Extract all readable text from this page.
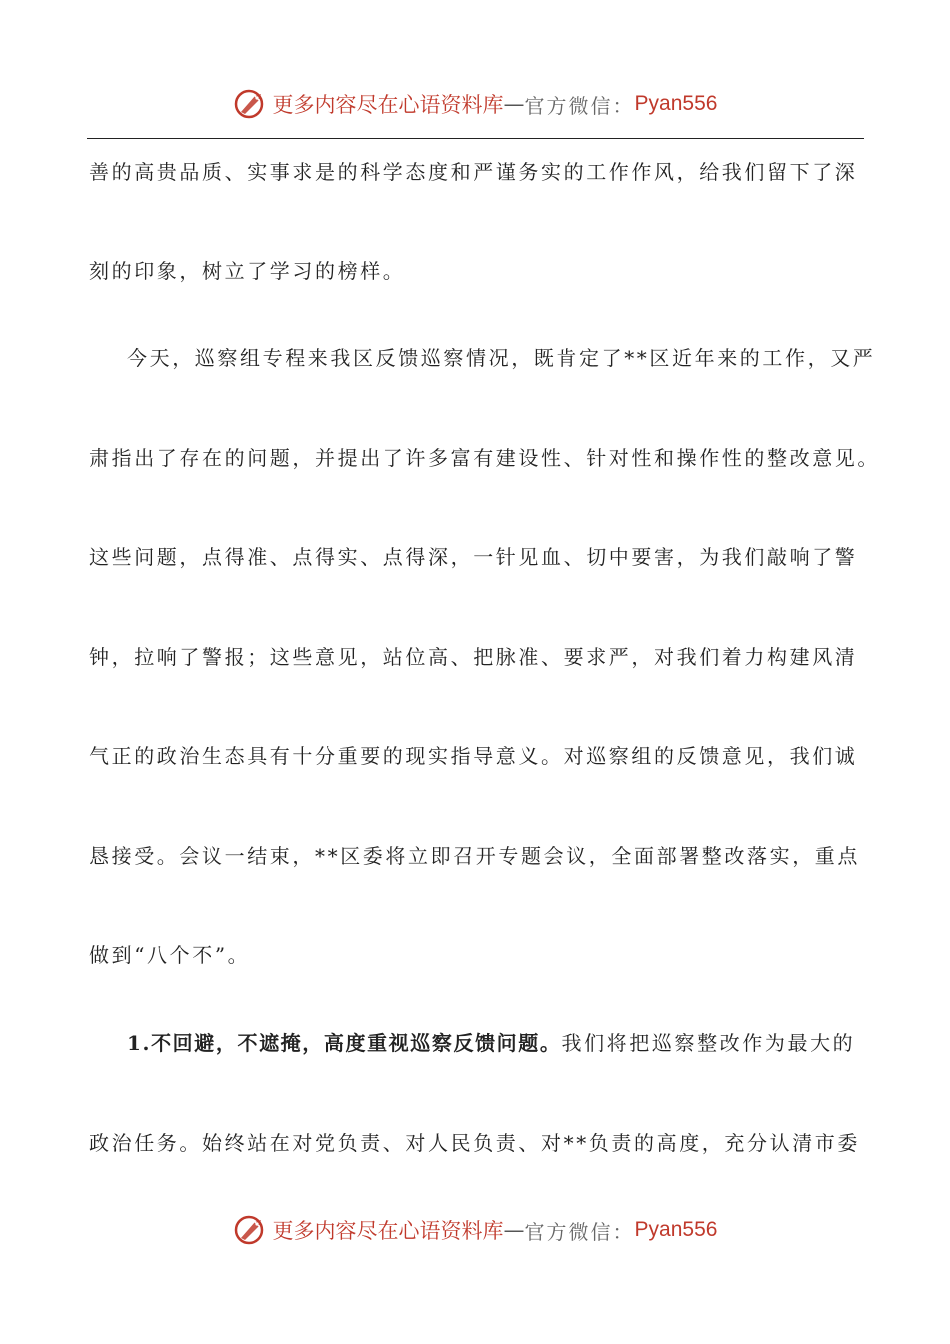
更多内容尽在心语资料库 — 官方微信： Pyan556
善的高贵品质、实事求是的科学态度和严谨务实的工作作风，给我们留下了深
刻的印象，树立了学习的榜样。
今天，巡察组专程来我区反馈巡察情况，既肯定了**区近年来的工作，又严
肃指出了存在的问题，并提出了许多富有建设性、针对性和操作性的整改意见。
这些问题，点得准、点得实、点得深，一针见血、切中要害，为我们敲响了警
钟，拉响了警报；这些意见，站位高、把脉准、要求严，对我们着力构建风清
气正的政治生态具有十分重要的现实指导意义。对巡察组的反馈意见，我们诚
恳接受。会议一结束，**区委将立即召开专题会议，全面部署整改落实，重点
做到“八个不”。
1.不回避，不遮掩，高度重视巡察反馈问题。我们将把巡察整改作为最大的
政治任务。始终站在对党负责、对人民负责、对**负责的高度，充分认清市委
更多内容尽在心语资料库 — 官方微信： Pyan556
